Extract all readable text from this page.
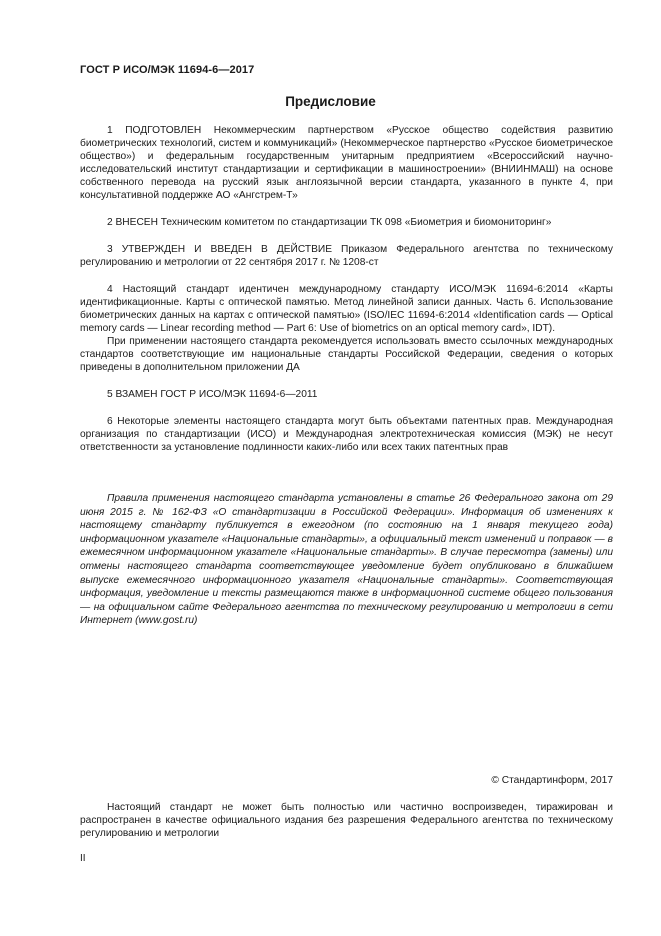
ГОСТ Р ИСО/МЭК 11694-6—2017
Предисловие

1 ПОДГОТОВЛЕН Некоммерческим партнерством «Русское общество содействия развитию биометрических технологий, систем и коммуникаций» (Некоммерческое партнерство «Русское биометрическое общество») и федеральным государственным унитарным предприятием «Всероссийский научно-исследовательский институт стандартизации и сертификации в машиностроении» (ВНИИНМАШ) на основе собственного перевода на русский язык англоязычной версии стандарта, указанного в пункте 4, при консультативной поддержке АО «Ангстрем-Т»

2 ВНЕСЕН Техническим комитетом по стандартизации ТК 098 «Биометрия и биомониторинг»

3 УТВЕРЖДЕН И ВВЕДЕН В ДЕЙСТВИЕ Приказом Федерального агентства по техническому регулированию и метрологии от 22 сентября 2017 г. № 1208-ст

4 Настоящий стандарт идентичен международному стандарту ИСО/МЭК 11694-6:2014 «Карты идентификационные. Карты с оптической памятью. Метод линейной записи данных. Часть 6. Использование биометрических данных на картах с оптической памятью» (ISO/IEC 11694-6:2014 «Identification cards — Optical memory cards — Linear recording method — Part 6: Use of biometrics on an optical memory card», IDT).

При применении настоящего стандарта рекомендуется использовать вместо ссылочных международных стандартов соответствующие им национальные стандарты Российской Федерации, сведения о которых приведены в дополнительном приложении ДА

5 ВЗАМЕН ГОСТ Р ИСО/МЭК 11694-6—2011

6 Некоторые элементы настоящего стандарта могут быть объектами патентных прав. Международная организация по стандартизации (ИСО) и Международная электротехническая комиссия (МЭК) не несут ответственности за установление подлинности каких-либо или всех таких патентных прав

Правила применения настоящего стандарта установлены в статье 26 Федерального закона от 29 июня 2015 г. № 162-ФЗ «О стандартизации в Российской Федерации». Информация об изменениях к настоящему стандарту публикуется в ежегодном (по состоянию на 1 января текущего года) информационном указателе «Национальные стандарты», а официальный текст изменений и поправок — в ежемесячном информационном указателе «Национальные стандарты». В случае пересмотра (замены) или отмены настоящего стандарта соответствующее уведомление будет опубликовано в ближайшем выпуске ежемесячного информационного указателя «Национальные стандарты». Соответствующая информация, уведомление и тексты размещаются также в информационной системе общего пользования — на официальном сайте Федерального агентства по техническому регулированию и метрологии в сети Интернет (www.gost.ru)

© Стандартинформ, 2017

Настоящий стандарт не может быть полностью или частично воспроизведен, тиражирован и распространен в качестве официального издания без разрешения Федерального агентства по техническому регулированию и метрологии

II
